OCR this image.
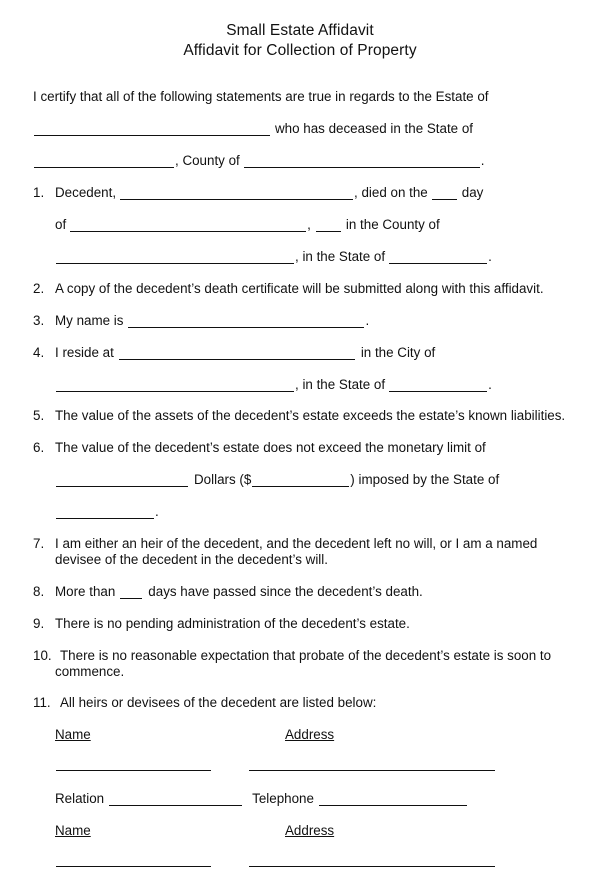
Small Estate Affidavit
Affidavit for Collection of Property
I certify that all of the following statements are true in regards to the Estate of
who has deceased in the State of
, County of	.
1. Decedent,	, died on the	day
of	,	in the County of
, in the State of	.
2. A copy of the decedent’s death certificate will be submitted along with this affidavit.
3. My name is	.
4. I reside at	in the City of
, in the State of	.
5. The value of the assets of the decedent’s estate exceeds the estate’s known liabilities.
6. The value of the decedent’s estate does not exceed the monetary limit of
Dollars ($	) imposed by the State of
.
7. I am either an heir of the decedent, and the decedent left no will, or I am a named devisee of the decedent in the decedent’s will.
8. More than days have passed since the decedent’s death.
9. There is no pending administration of the decedent’s estate.
10. There is no reasonable expectation that probate of the decedent’s estate is soon to commence.
11. All heirs or devisees of the decedent are listed below:
Name	Address
Relation	Telephone
Name	Address
